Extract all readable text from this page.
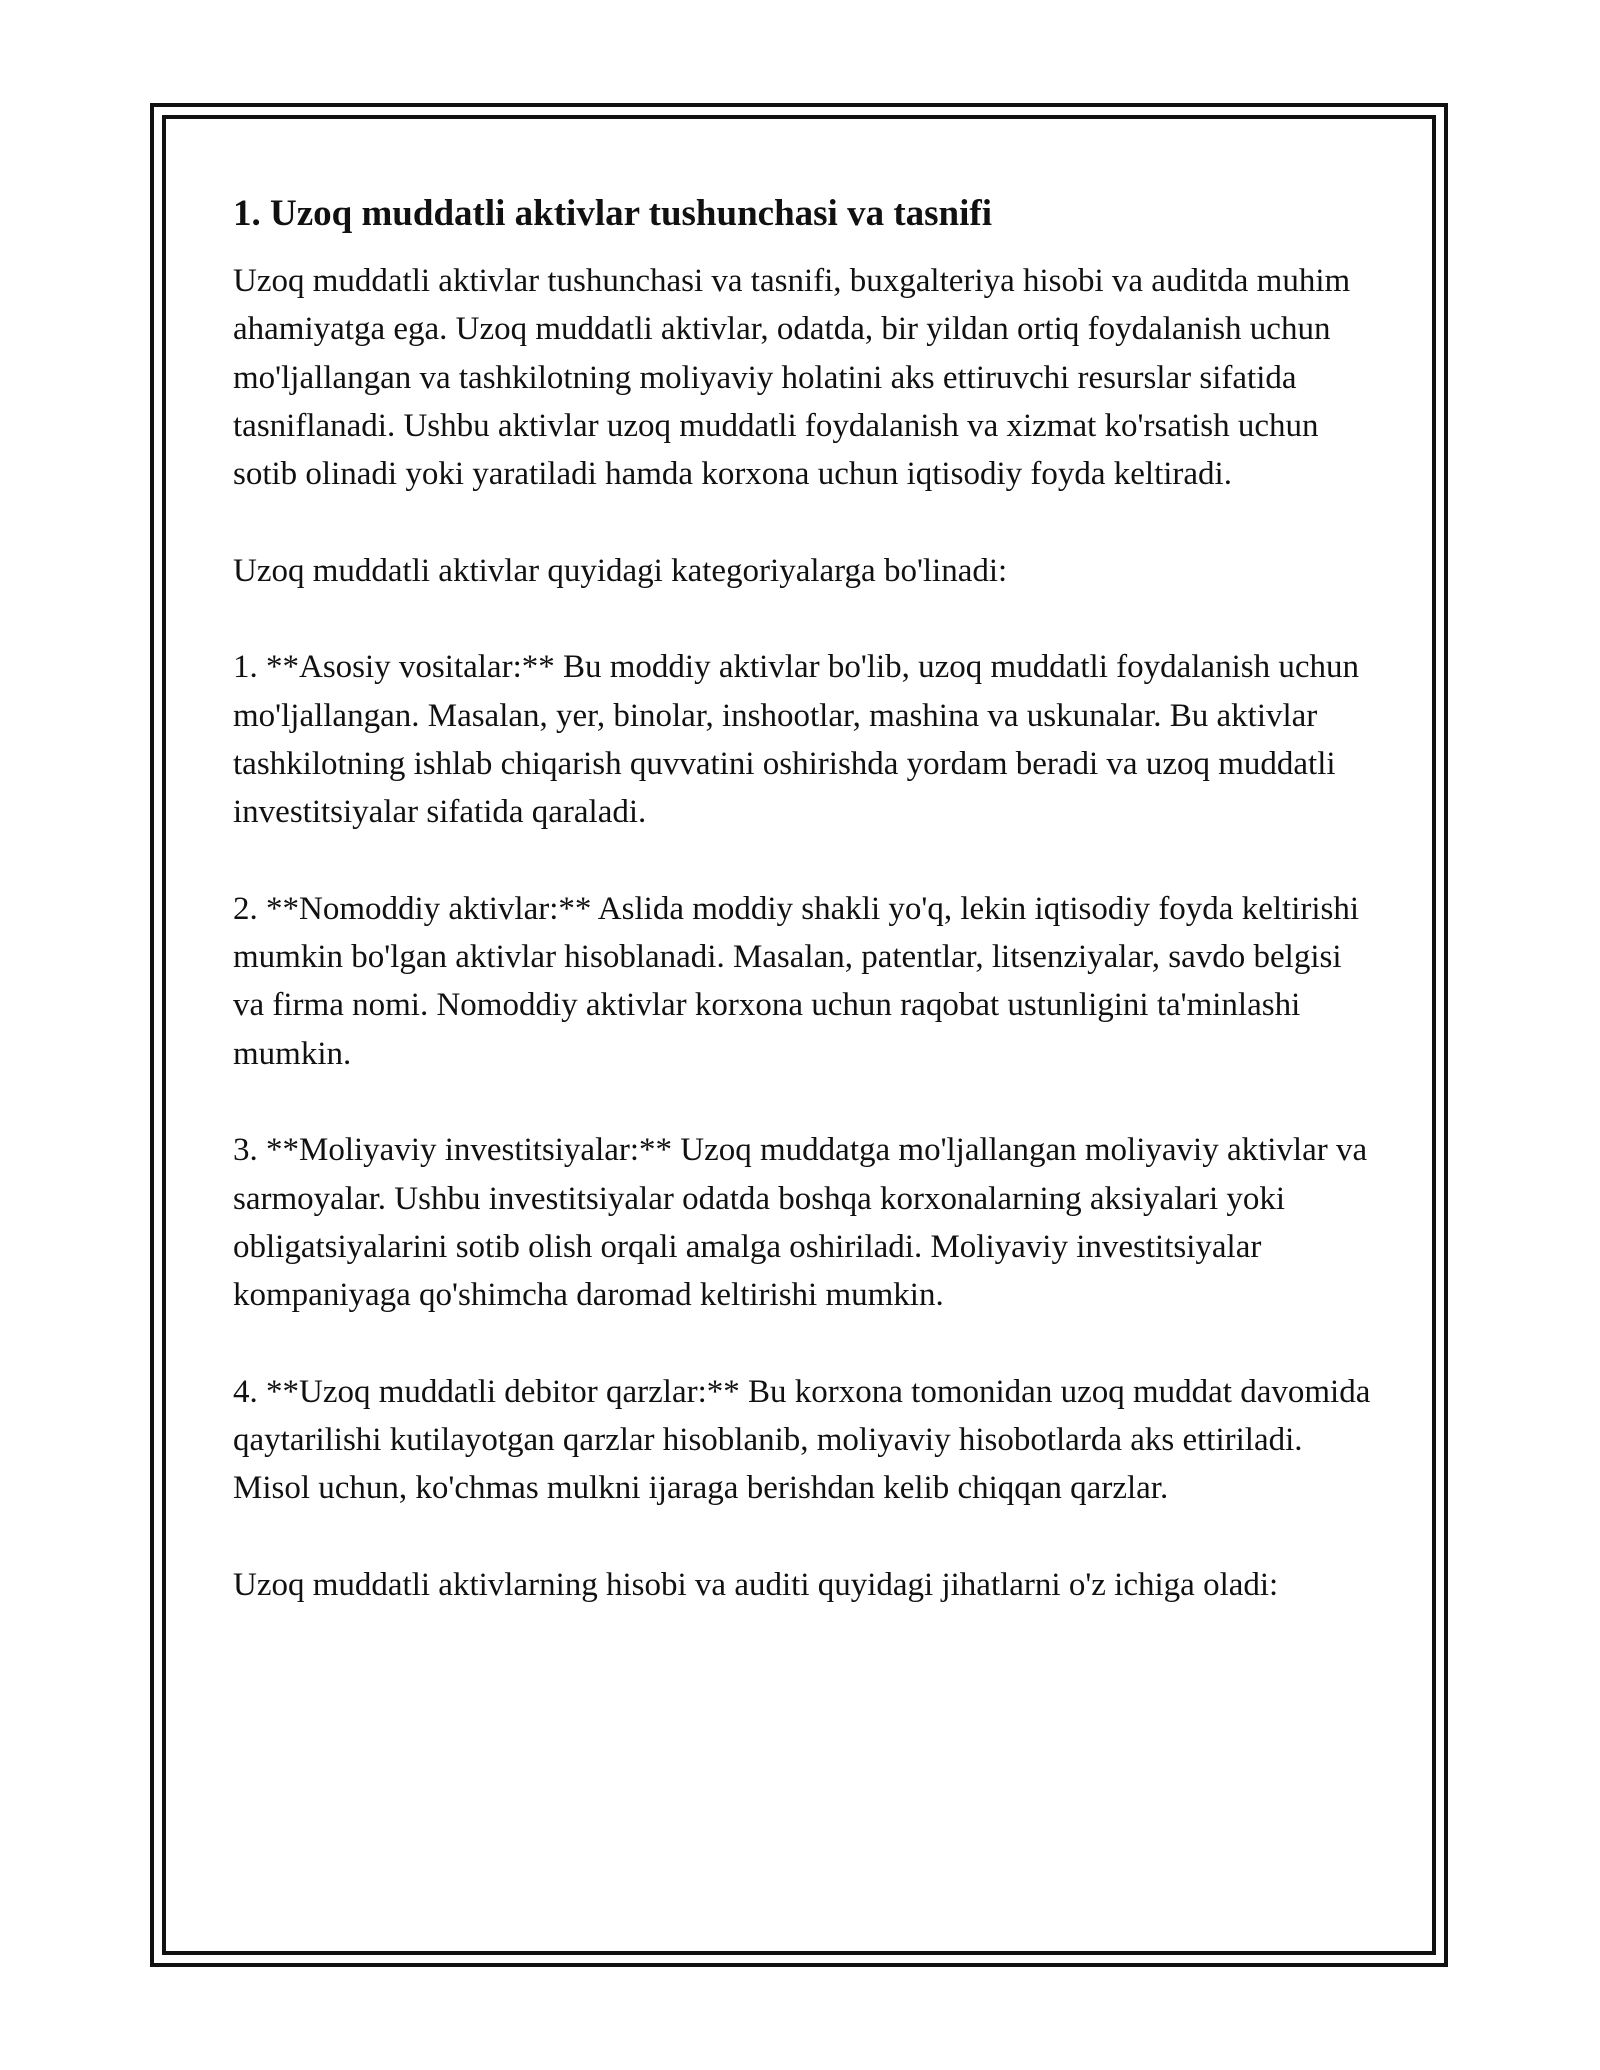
1. Uzoq muddatli aktivlar tushunchasi va tasnifi

Uzoq muddatli aktivlar tushunchasi va tasnifi, buxgalteriya hisobi va auditda muhim ahamiyatga ega. Uzoq muddatli aktivlar, odatda, bir yildan ortiq foydalanish uchun mo'ljallangan va tashkilotning moliyaviy holatini aks ettiruvchi resurslar sifatida tasniflanadi. Ushbu aktivlar uzoq muddatli foydalanish va xizmat ko'rsatish uchun sotib olinadi yoki yaratiladi hamda korxona uchun iqtisodiy foyda keltiradi.

Uzoq muddatli aktivlar quyidagi kategoriyalarga bo'linadi:

1. **Asosiy vositalar:** Bu moddiy aktivlar bo'lib, uzoq muddatli foydalanish uchun mo'ljallangan. Masalan, yer, binolar, inshootlar, mashina va uskunalar. Bu aktivlar tashkilotning ishlab chiqarish quvvatini oshirishda yordam beradi va uzoq muddatli investitsiyalar sifatida qaraladi.

2. **Nomoddiy aktivlar:** Aslida moddiy shakli yo'q, lekin iqtisodiy foyda keltirishi mumkin bo'lgan aktivlar hisoblanadi. Masalan, patentlar, litsenziyalar, savdo belgisi va firma nomi. Nomoddiy aktivlar korxona uchun raqobat ustunligini ta'minlashi mumkin.

3. **Moliyaviy investitsiyalar:** Uzoq muddatga mo'ljallangan moliyaviy aktivlar va sarmoyalar. Ushbu investitsiyalar odatda boshqa korxonalarning aksiyalari yoki obligatsiyalarini sotib olish orqali amalga oshiriladi. Moliyaviy investitsiyalar kompaniyaga qo'shimcha daromad keltirishi mumkin.

4. **Uzoq muddatli debitor qarzlar:** Bu korxona tomonidan uzoq muddat davomida qaytarilishi kutilayotgan qarzlar hisoblanib, moliyaviy hisobotlarda aks ettiriladi. Misol uchun, ko'chmas mulkni ijaraga berishdan kelib chiqqan qarzlar.

Uzoq muddatli aktivlarning hisobi va auditi quyidagi jihatlarni o'z ichiga oladi:
